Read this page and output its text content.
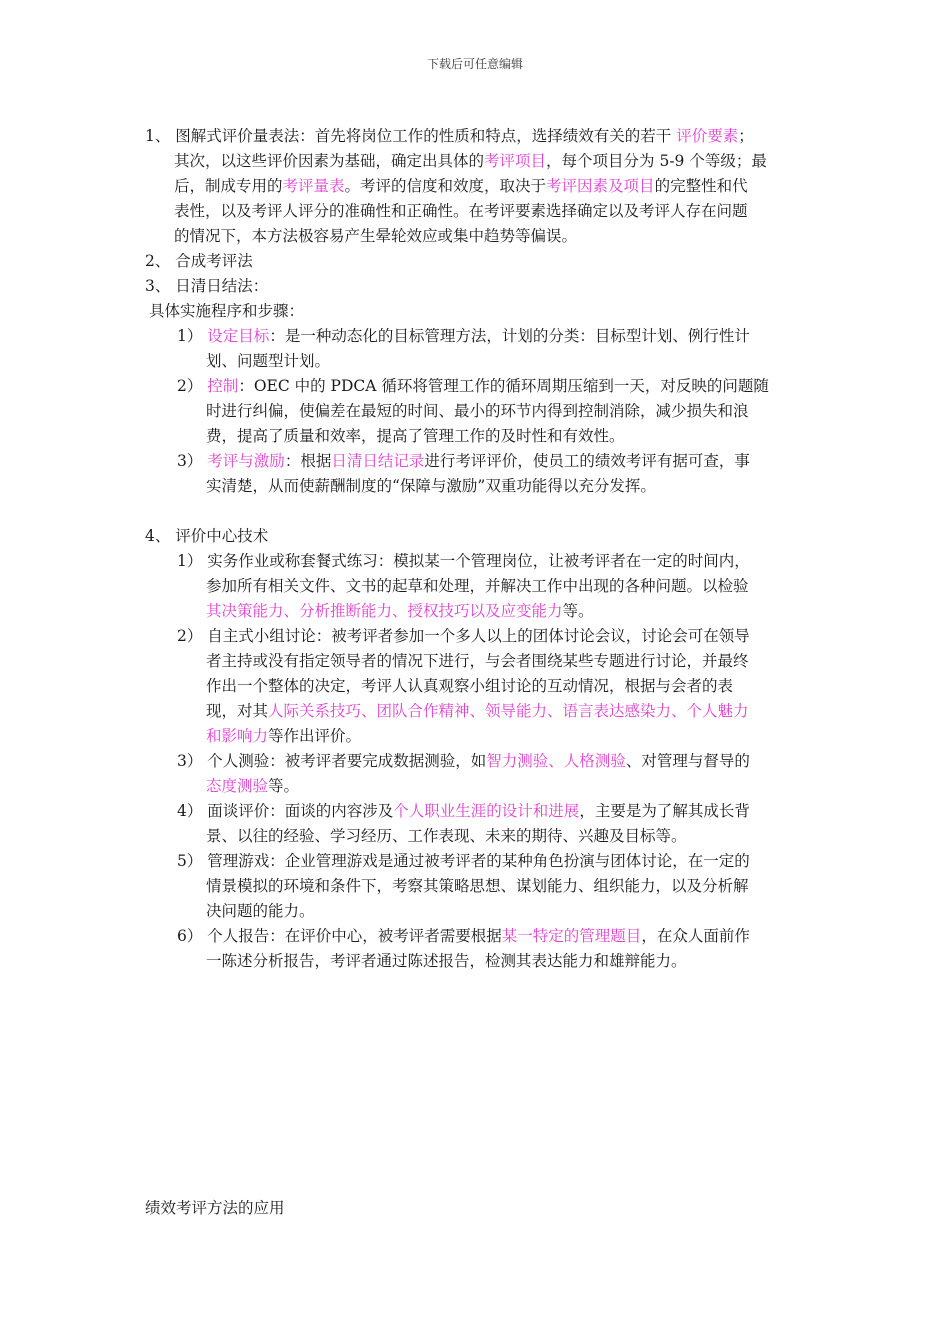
下载后可任意编辑
1、 图解式评价量表法：首先将岗位工作的性质和特点，选择绩效有关的若干 评价要素；
其次，以这些评价因素为基础，确定出具体的考评项目，每个项目分为 5-9 个等级；最
后，制成专用的考评量表。考评的信度和效度，取决于考评因素及项目的完整性和代
表性，以及考评人评分的准确性和正确性。在考评要素选择确定以及考评人存在问题
的情况下，本方法极容易产生晕轮效应或集中趋势等偏误。
2、 合成考评法
3、 日清日结法：
具体实施程序和步骤：
1） 设定目标：是一种动态化的目标管理方法，计划的分类：目标型计划、例行性计
划、问题型计划。
2） 控制：OEC 中的 PDCA 循环将管理工作的循环周期压缩到一天，对反映的问题随
时进行纠偏，使偏差在最短的时间、最小的环节内得到控制消除，减少损失和浪
费，提高了质量和效率，提高了管理工作的及时性和有效性。
3） 考评与激励：根据日清日结记录进行考评评价，使员工的绩效考评有据可查，事
实清楚，从而使薪酬制度的“保障与激励”双重功能得以充分发挥。
4、 评价中心技术
1） 实务作业或称套餐式练习：模拟某一个管理岗位，让被考评者在一定的时间内，
参加所有相关文件、文书的起草和处理，并解决工作中出现的各种问题。以检验
其决策能力、分析推断能力、授权技巧以及应变能力等。
2） 自主式小组讨论：被考评者参加一个多人以上的团体讨论会议，讨论会可在领导
者主持或没有指定领导者的情况下进行，与会者围绕某些专题进行讨论，并最终
作出一个整体的决定，考评人认真观察小组讨论的互动情况，根据与会者的表
现，对其人际关系技巧、团队合作精神、领导能力、语言表达感染力、个人魅力
和影响力等作出评价。
3） 个人测验：被考评者要完成数据测验，如智力测验、人格测验、对管理与督导的
态度测验等。
4） 面谈评价：面谈的内容涉及个人职业生涯的设计和进展，主要是为了解其成长背
景、以往的经验、学习经历、工作表现、未来的期待、兴趣及目标等。
5） 管理游戏：企业管理游戏是通过被考评者的某种角色扮演与团体讨论，在一定的
情景模拟的环境和条件下，考察其策略思想、谋划能力、组织能力，以及分析解
决问题的能力。
6） 个人报告：在评价中心，被考评者需要根据某一特定的管理题目，在众人面前作
一陈述分析报告，考评者通过陈述报告，检测其表达能力和雄辩能力。
绩效考评方法的应用
